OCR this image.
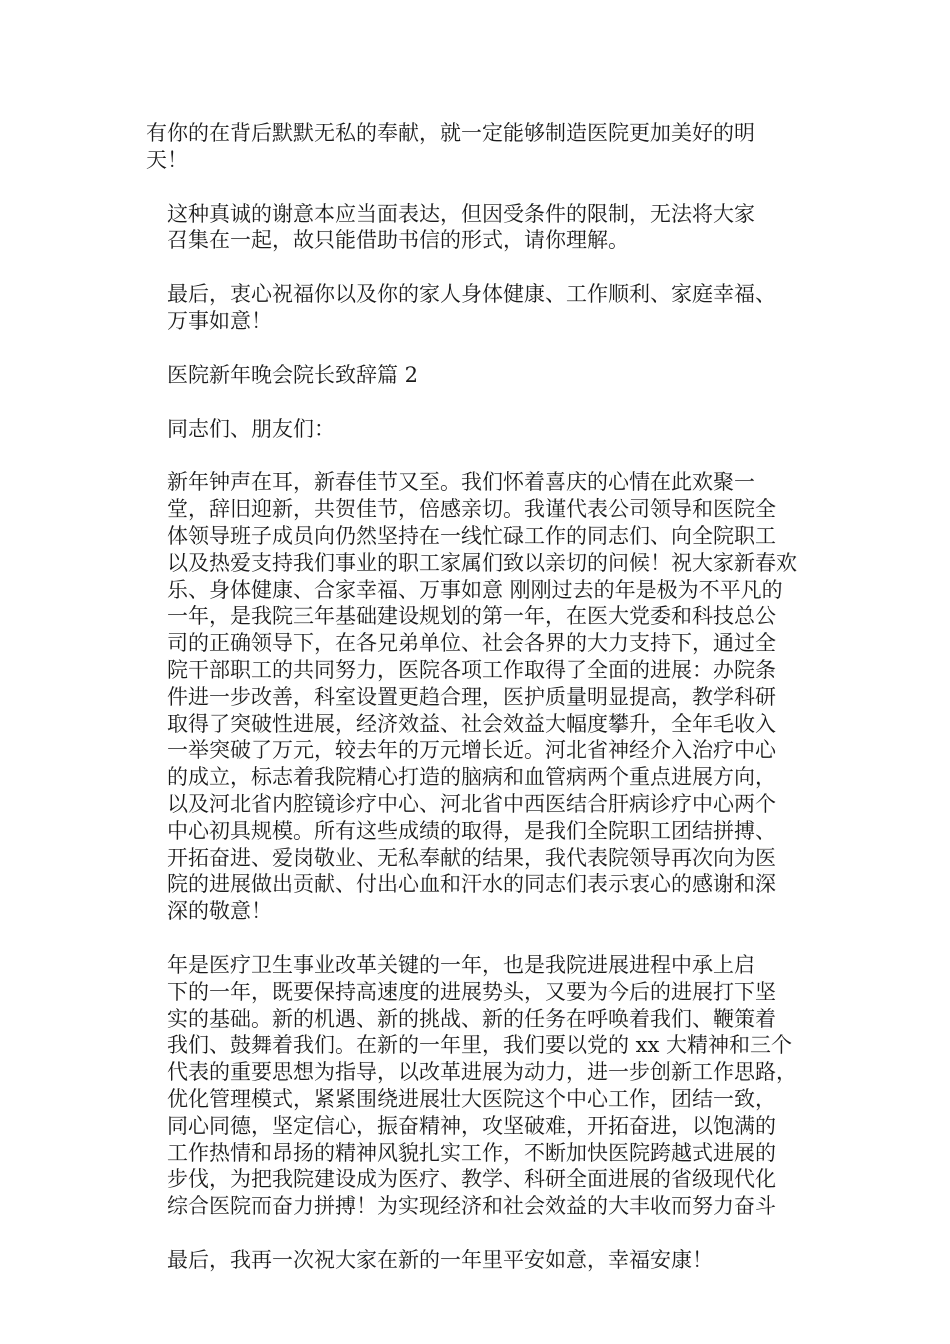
有你的在背后默默无私的奉献，就一定能够制造医院更加美好的明
天！

这种真诚的谢意本应当面表达，但因受条件的限制，无法将大家
召集在一起，故只能借助书信的形式，请你理解。

最后，衷心祝福你以及你的家人身体健康、工作顺利、家庭幸福、
万事如意！

医院新年晚会院长致辞篇 2

同志们、朋友们：

新年钟声在耳，新春佳节又至。我们怀着喜庆的心情在此欢聚一
堂，辞旧迎新，共贺佳节，倍感亲切。我谨代表公司领导和医院全
体领导班子成员向仍然坚持在一线忙碌工作的同志们、向全院职工
以及热爱支持我们事业的职工家属们致以亲切的问候！祝大家新春欢
乐、身体健康、合家幸福、万事如意 刚刚过去的年是极为不平凡的
一年，是我院三年基础建设规划的第一年，在医大党委和科技总公
司的正确领导下，在各兄弟单位、社会各界的大力支持下，通过全
院干部职工的共同努力，医院各项工作取得了全面的进展：办院条
件进一步改善，科室设置更趋合理，医护质量明显提高，教学科研
取得了突破性进展，经济效益、社会效益大幅度攀升，全年毛收入
一举突破了万元，较去年的万元增长近。河北省神经介入治疗中心
的成立，标志着我院精心打造的脑病和血管病两个重点进展方向，
以及河北省内腔镜诊疗中心、河北省中西医结合肝病诊疗中心两个
中心初具规模。所有这些成绩的取得，是我们全院职工团结拼搏、
开拓奋进、爱岗敬业、无私奉献的结果，我代表院领导再次向为医
院的进展做出贡献、付出心血和汗水的同志们表示衷心的感谢和深
深的敬意！

年是医疗卫生事业改革关键的一年，也是我院进展进程中承上启
下的一年，既要保持高速度的进展势头，又要为今后的进展打下坚
实的基础。新的机遇、新的挑战、新的任务在呼唤着我们、鞭策着
我们、鼓舞着我们。在新的一年里，我们要以党的 xx 大精神和三个
代表的重要思想为指导，以改革进展为动力，进一步创新工作思路，
优化管理模式，紧紧围绕进展壮大医院这个中心工作，团结一致，
同心同德，坚定信心，振奋精神，攻坚破难，开拓奋进，以饱满的
工作热情和昂扬的精神风貌扎实工作，不断加快医院跨越式进展的
步伐，为把我院建设成为医疗、教学、科研全面进展的省级现代化
综合医院而奋力拼搏！为实现经济和社会效益的大丰收而努力奋斗

最后，我再一次祝大家在新的一年里平安如意，幸福安康！
